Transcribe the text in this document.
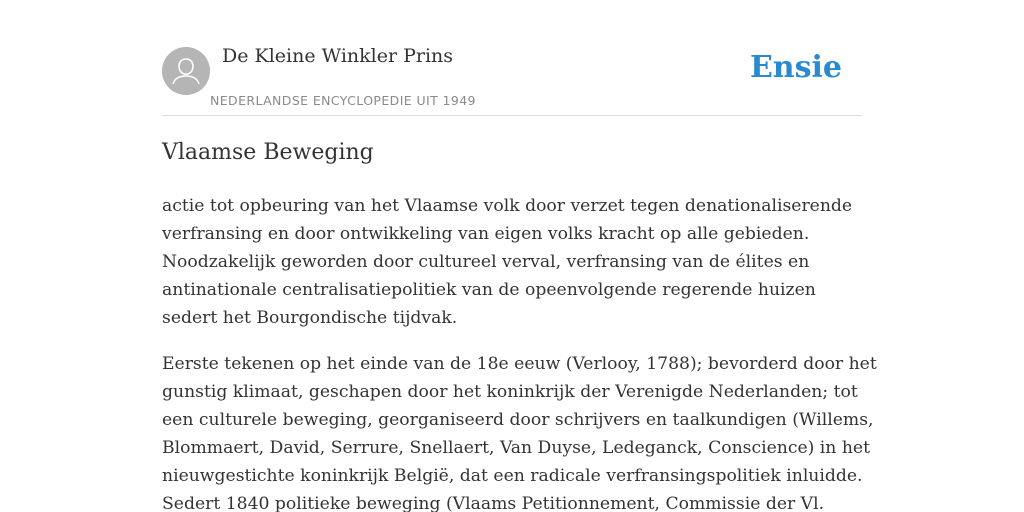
De Kleine Winkler Prins
NEDERLANDSE ENCYCLOPEDIE UIT 1949
Ensie
Vlaamse Beweging

actie tot opbeuring van het Vlaamse volk door verzet tegen denationaliserende
verfransing en door ontwikkeling van eigen volks kracht op alle gebieden.
Noodzakelijk geworden door cultureel verval, verfransing van de élites en
antinationale centralisatiepolitiek van de opeenvolgende regerende huizen
sedert het Bourgondische tijdvak.

Eerste tekenen op het einde van de 18e eeuw (Verlooy, 1788); bevorderd door het
gunstig klimaat, geschapen door het koninkrijk der Verenigde Nederlanden; tot
een culturele beweging, georganiseerd door schrijvers en taalkundigen (Willems,
Blommaert, David, Serrure, Snellaert, Van Duyse, Ledeganck, Conscience) in het
nieuwgestichte koninkrijk België, dat een radicale verfransingspolitiek inluidde.
Sedert 1840 politieke beweging (Vlaams Petitionnement, Commissie der Vl.
